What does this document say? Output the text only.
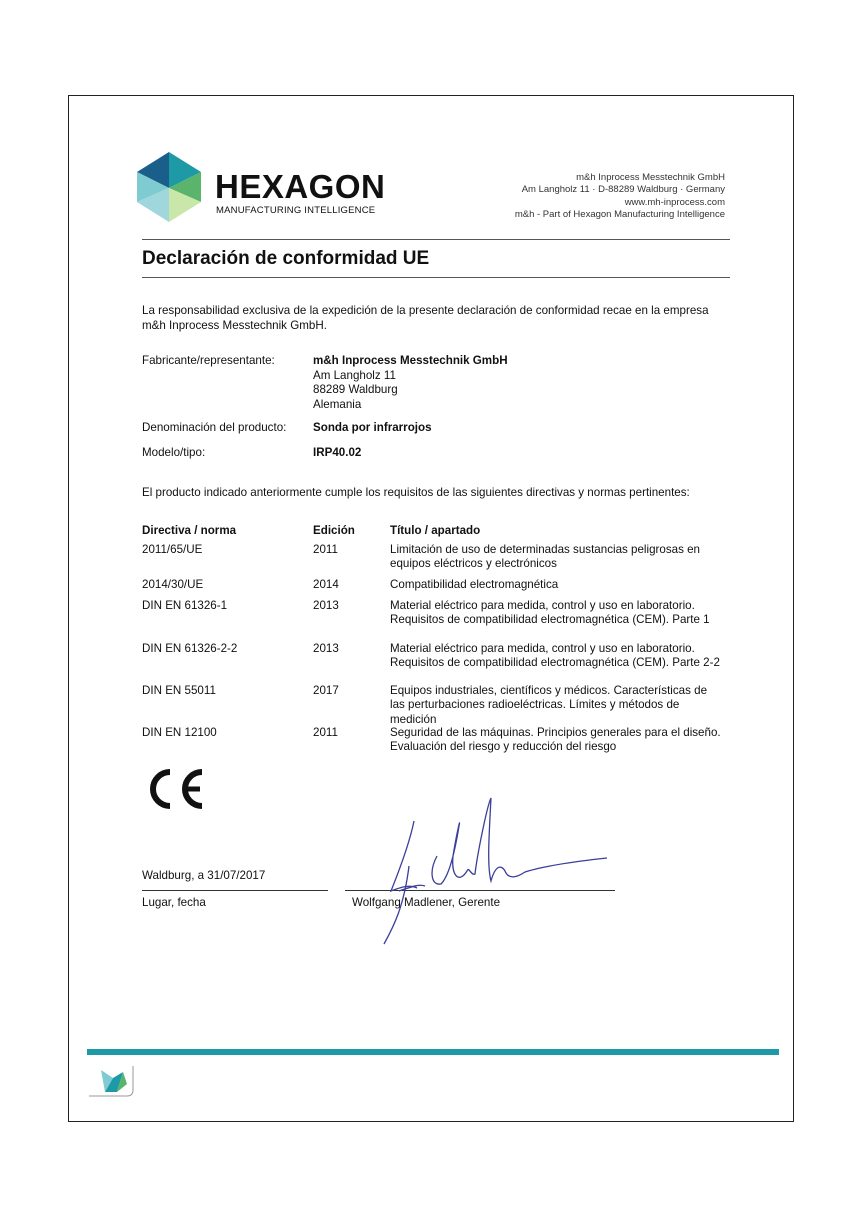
HEXAGON
MANUFACTURING INTELLIGENCE
m&h Inprocess Messtechnik GmbH
Am Langholz 11 · D-88289 Waldburg · Germany
www.mh-inprocess.com
m&h - Part of Hexagon Manufacturing Intelligence
Declaración de conformidad UE
La responsabilidad exclusiva de la expedición de la presente declaración de conformidad recae en la empresa m&h Inprocess Messtechnik GmbH.
Fabricante/representante:	m&h Inprocess Messtechnik GmbH
Am Langholz 11
88289 Waldburg
Alemania
Denominación del producto: Sonda por infrarrojos
Modelo/tipo:	IRP40.02
El producto indicado anteriormente cumple los requisitos de las siguientes directivas y normas pertinentes:
Directiva / norma	Edición	Título / apartado
2011/65/UE	2011	Limitación de uso de determinadas sustancias peligrosas en equipos eléctricos y electrónicos
2014/30/UE	2014	Compatibilidad electromagnética
DIN EN 61326-1	2013	Material eléctrico para medida, control y uso en laboratorio. Requisitos de compatibilidad electromagnética (CEM). Parte 1
DIN EN 61326-2-2	2013	Material eléctrico para medida, control y uso en laboratorio. Requisitos de compatibilidad electromagnética (CEM). Parte 2-2
DIN EN 55011	2017	Equipos industriales, científicos y médicos. Características de las perturbaciones radioeléctricas. Límites y métodos de medición
DIN EN 12100	2011	Seguridad de las máquinas. Principios generales para el diseño. Evaluación del riesgo y reducción del riesgo
Waldburg, a 31/07/2017
Lugar, fecha	Wolfgang Madlener, Gerente
